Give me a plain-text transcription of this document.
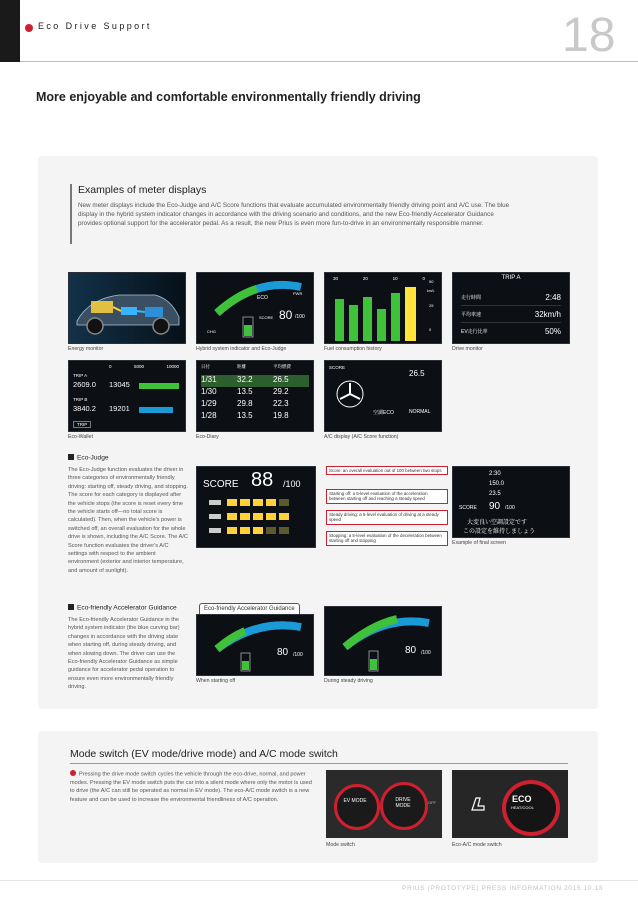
Eco Drive Support	18
More enjoyable and comfortable environmentally friendly driving
Examples of meter displays
New meter displays include the Eco-Judge and A/C Score functions that evaluate accumulated environmentally friendly driving point and A/C use. The blue display in the hybrid system indicator changes in accordance with the driving scenario and conditions, and the new Eco-friendly Accelerator Guidance provides optional support for the accelerator pedal. As a result, the new Prius is even more fun-to-drive in an environmentally responsible manner.
Energy monitor
ECO
PWR
CHG
SCORE 80 /100
Hybrid system indicator and Eco-Judge
30	20	10	0
50
25
0
km/L
Fuel consumption history
TRIP A
走行時間	2:48
平均車速	32km/h
EV走行比率	50%
Drive monitor
0	5000	10000
TRIP A
2609.0 13045
TRIP B
3840.2 19201
TRIP
Eco-Wallet
日付	距離	平均燃費
1/31	32.2	26.5
1/30	13.5	29.2
1/29	29.8	22.3
1/28	13.5	19.8
Eco-Diary
SCORE
26.5
空調ECO	NORMAL
A/C display (A/C Score function)
Eco-Judge
The Eco-Judge function evaluates the driver in three categories of environmentally friendly driving: starting off, steady driving, and stopping. The score for each category is displayed after the vehicle stops (the score is reset every time the vehicle starts off—no total score is calculated). Then, when the vehicle's power is switched off, an overall evaluation for the whole drive is shown, including the A/C Score. The A/C Score function evaluates the driver's A/C settings with respect to the ambient environment (exterior and interior temperature, and amount of sunlight).
SCORE 88 /100
Score: an overall evaluation out of 100 between two stops
Starting off: a 5-level evaluation of the acceleration between starting off and reaching a steady speed
Steady driving: a 5-level evaluation of driving at a steady speed
Stopping: a 5-level evaluation of the deceleration between starting off and stopping
2:30
150.0
23.5
SCORE 90 /100
大変良い空調設定です
この設定を維持しましょう
Example of final screen
Eco-friendly Accelerator Guidance
The Eco-friendly Accelerator Guidance in the hybrid system indicator (the blue curving bar) changes in accordance with the driving state when starting off, during steady driving, and when slowing down. The driver can use the Eco-friendly Accelerator Guidance as simple guidance for accelerator pedal operation to ensure even more environmentally friendly driving.
Eco-friendly Accelerator Guidance
80 /100
When starting off
80 /100
During steady driving
Mode switch (EV mode/drive mode) and A/C mode switch
Pressing the drive mode switch cycles the vehicle through the eco-drive, normal, and power modes. Pressing the EV mode switch puts the car into a silent mode where only the motor is used to drive (the A/C can still be operated as normal in EV mode). The eco-A/C mode switch is a new feature and can be used to increase the environmental friendliness of A/C operation.	EV MODE	DRIVE MODE
OFF
Mode switch
ECO
HEAT/COOL
Eco-A/C mode switch
PRIUS (PROTOTYPE) PRESS INFORMATION 2015.10.13
